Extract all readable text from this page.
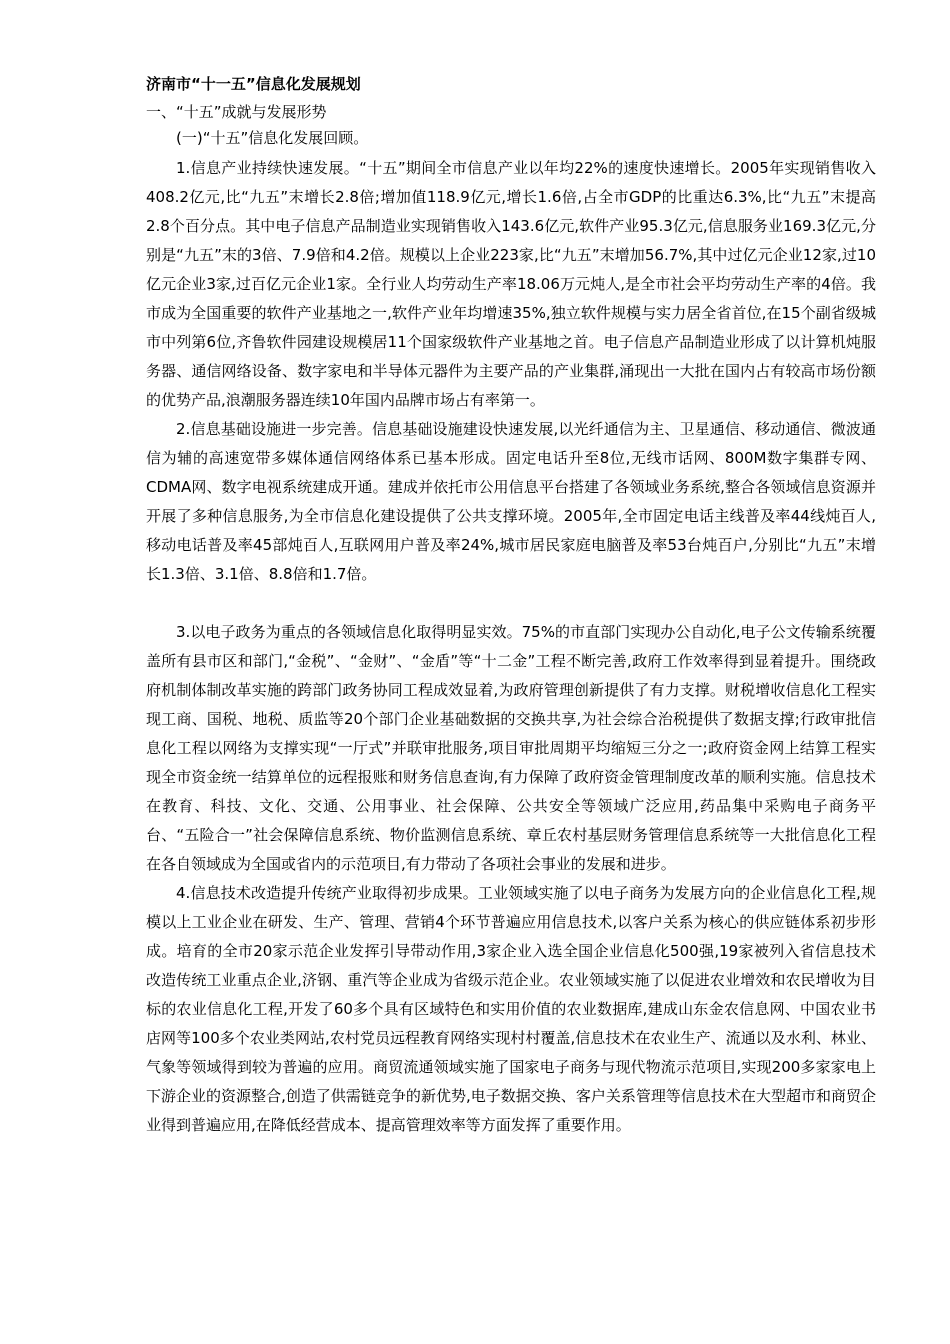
济南市“十一五”信息化发展规划
一、“十五”成就与发展形势
(一)“十五”信息化发展回顾。

1.信息产业持续快速发展。“十五”期间全市信息产业以年均22%的速度快速增长。2005年实现销售收入408.2亿元,比“九五”末增长2.8倍;增加值118.9亿元,增长1.6倍,占全市GDP的比重达6.3%,比“九五”末提高2.8个百分点。其中电子信息产品制造业实现销售收入143.6亿元,软件产业95.3亿元,信息服务业169.3亿元,分别是“九五”末的3倍、7.9倍和4.2倍。规模以上企业223家,比“九五”末增加56.7%,其中过亿元企业12家,过10亿元企业3家,过百亿元企业1家。全行业人均劳动生产率18.06万元炖人,是全市社会平均劳动生产率的4倍。我市成为全国重要的软件产业基地之一,软件产业年均增速35%,独立软件规模与实力居全省首位,在15个副省级城市中列第6位,齐鲁软件园建设规模居11个国家级软件产业基地之首。电子信息产品制造业形成了以计算机炖服务器、通信网络设备、数字家电和半导体元器件为主要产品的产业集群,涌现出一大批在国内占有较高市场份额的优势产品,浪潮服务器连续10年国内品牌市场占有率第一。

2.信息基础设施进一步完善。信息基础设施建设快速发展,以光纤通信为主、卫星通信、移动通信、微波通信为辅的高速宽带多媒体通信网络体系已基本形成。固定电话升至8位,无线市话网、800M数字集群专网、CDMA网、数字电视系统建成开通。建成并依托市公用信息平台搭建了各领域业务系统,整合各领域信息资源并开展了多种信息服务,为全市信息化建设提供了公共支撑环境。2005年,全市固定电话主线普及率44线炖百人,移动电话普及率45部炖百人,互联网用户普及率24%,城市居民家庭电脑普及率53台炖百户,分别比“九五”末增长1.3倍、3.1倍、8.8倍和1.7倍。

3.以电子政务为重点的各领域信息化取得明显实效。75%的市直部门实现办公自动化,电子公文传输系统覆盖所有县市区和部门,“金税”、“金财”、“金盾”等“十二金”工程不断完善,政府工作效率得到显着提升。围绕政府机制体制改革实施的跨部门政务协同工程成效显着,为政府管理创新提供了有力支撑。财税增收信息化工程实现工商、国税、地税、质监等20个部门企业基础数据的交换共享,为社会综合治税提供了数据支撑;行政审批信息化工程以网络为支撑实现“一厅式”并联审批服务,项目审批周期平均缩短三分之一;政府资金网上结算工程实现全市资金统一结算单位的远程报账和财务信息查询,有力保障了政府资金管理制度改革的顺利实施。信息技术在教育、科技、文化、交通、公用事业、社会保障、公共安全等领域广泛应用,药品集中采购电子商务平台、“五险合一”社会保障信息系统、物价监测信息系统、章丘农村基层财务管理信息系统等一大批信息化工程在各自领域成为全国或省内的示范项目,有力带动了各项社会事业的发展和进步。

4.信息技术改造提升传统产业取得初步成果。工业领域实施了以电子商务为发展方向的企业信息化工程,规模以上工业企业在研发、生产、管理、营销4个环节普遍应用信息技术,以客户关系为核心的供应链体系初步形成。培育的全市20家示范企业发挥引导带动作用,3家企业入选全国企业信息化500强,19家被列入省信息技术改造传统工业重点企业,济钢、重汽等企业成为省级示范企业。农业领域实施了以促进农业增效和农民增收为目标的农业信息化工程,开发了60多个具有区域特色和实用价值的农业数据库,建成山东金农信息网、中国农业书店网等100多个农业类网站,农村党员远程教育网络实现村村覆盖,信息技术在农业生产、流通以及水利、林业、气象等领域得到较为普遍的应用。商贸流通领域实施了国家电子商务与现代物流示范项目,实现200多家家电上下游企业的资源整合,创造了供需链竞争的新优势,电子数据交换、客户关系管理等信息技术在大型超市和商贸企业得到普遍应用,在降低经营成本、提高管理效率等方面发挥了重要作用。
